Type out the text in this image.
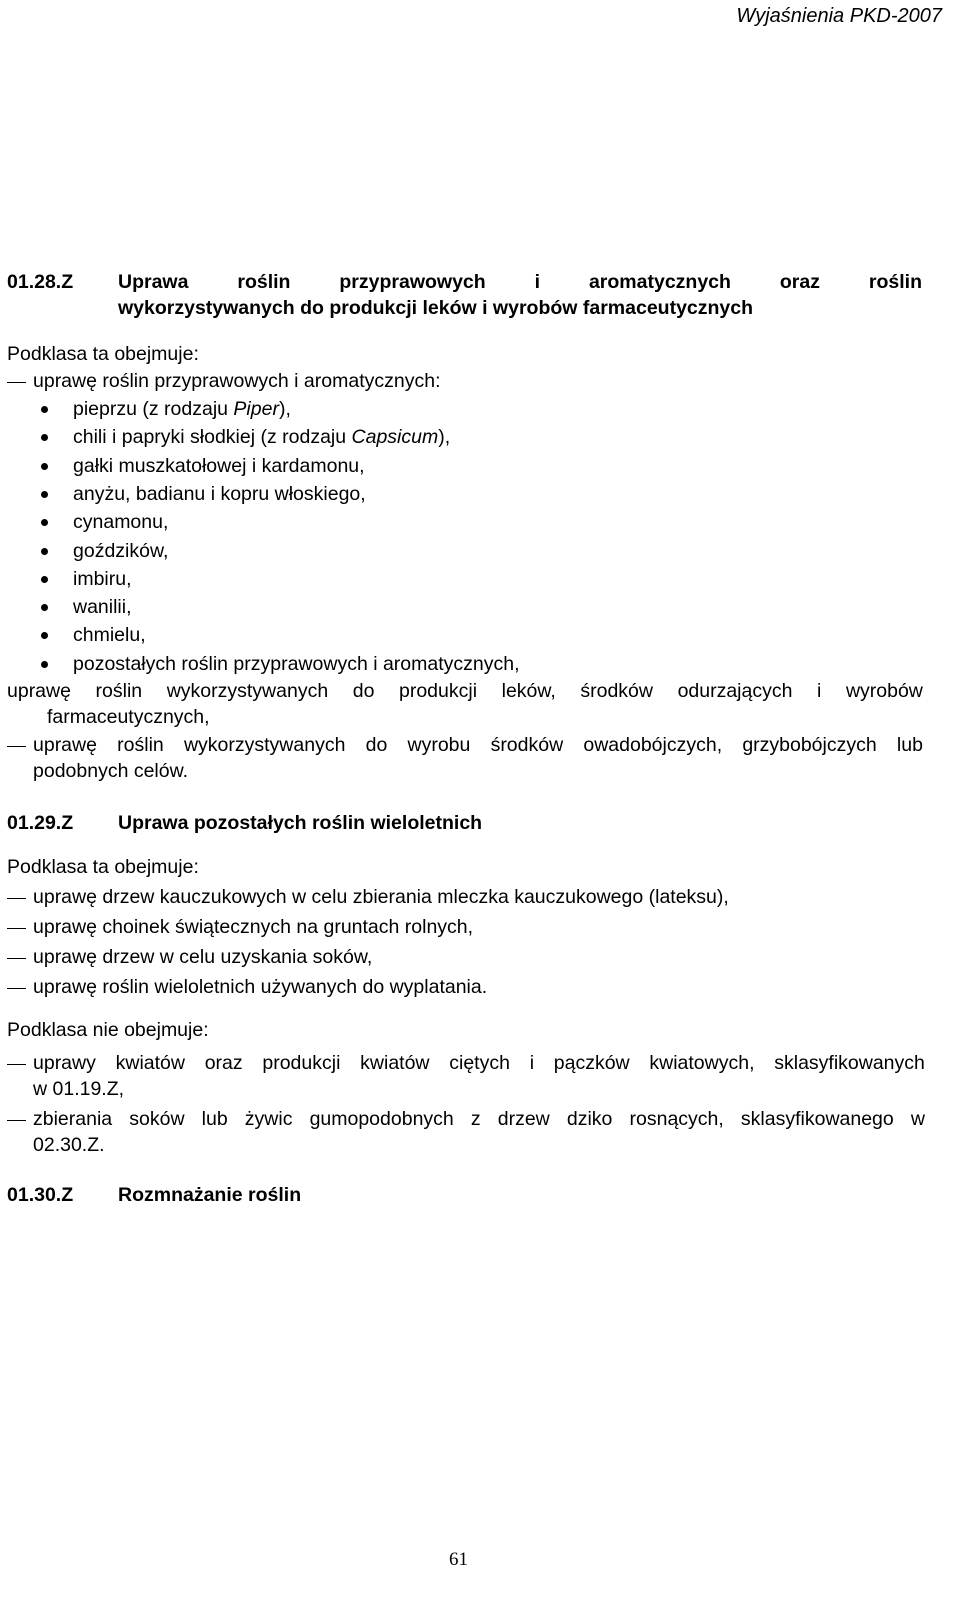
Wyjaśnienia PKD-2007
01.28.Z Uprawa	roślin	przyprawowych	i	aromatycznych	oraz	roślin
wykorzystywanych do produkcji leków i wyrobów farmaceutycznych
Podklasa ta obejmuje:
uprawę roślin przyprawowych i aromatycznych:
pieprzu (z rodzaju Piper),
chili i papryki słodkiej (z rodzaju Capsicum),
gałki muszkatołowej i kardamonu,
anyżu, badianu i kopru włoskiego,
cynamonu,
goździków,
imbiru,
wanilii,
chmielu,
pozostałych roślin przyprawowych i aromatycznych,
uprawę roślin wykorzystywanych do produkcji leków, środków odurzających i wyrobów
farmaceutycznych,
uprawę roślin wykorzystywanych do wyrobu środków owadobójczych, grzybobójczych lub
podobnych celów.
01.29.Z Uprawa pozostałych roślin wieloletnich
Podklasa ta obejmuje:
uprawę drzew kauczukowych w celu zbierania mleczka kauczukowego (lateksu),
uprawę choinek świątecznych na gruntach rolnych,
uprawę drzew w celu uzyskania soków,
uprawę roślin wieloletnich używanych do wyplatania.
Podklasa nie obejmuje:
uprawy kwiatów oraz produkcji kwiatów ciętych i pączków kwiatowych, sklasyfikowanych
w 01.19.Z,
zbierania soków lub żywic gumopodobnych z drzew dziko rosnących, sklasyfikowanego w
02.30.Z.
01.30.Z Rozmnażanie roślin
61
